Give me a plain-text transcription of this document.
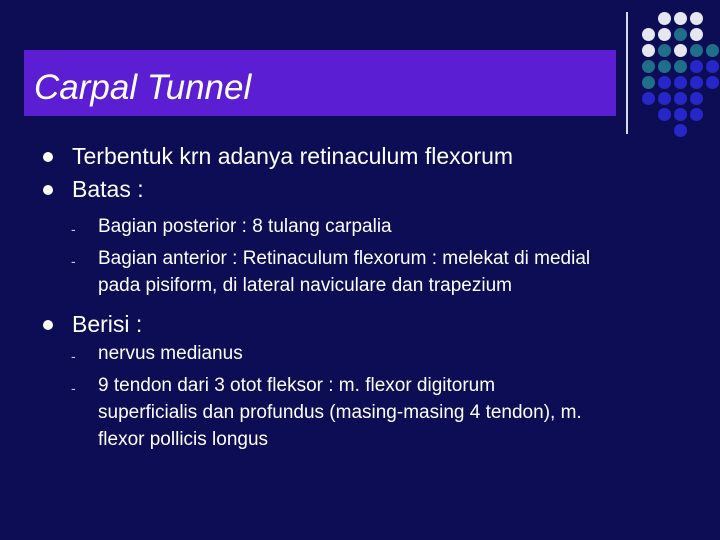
Carpal Tunnel
Terbentuk krn adanya retinaculum flexorum
Batas :
- Bagian posterior : 8 tulang carpalia
- Bagian anterior : Retinaculum flexorum : melekat di medial
pada pisiform, di lateral naviculare dan trapezium
Berisi :
- nervus medianus
- 9 tendon dari 3 otot fleksor : m. flexor digitorum
superficialis dan profundus (masing-masing 4 tendon), m.
flexor pollicis longus
